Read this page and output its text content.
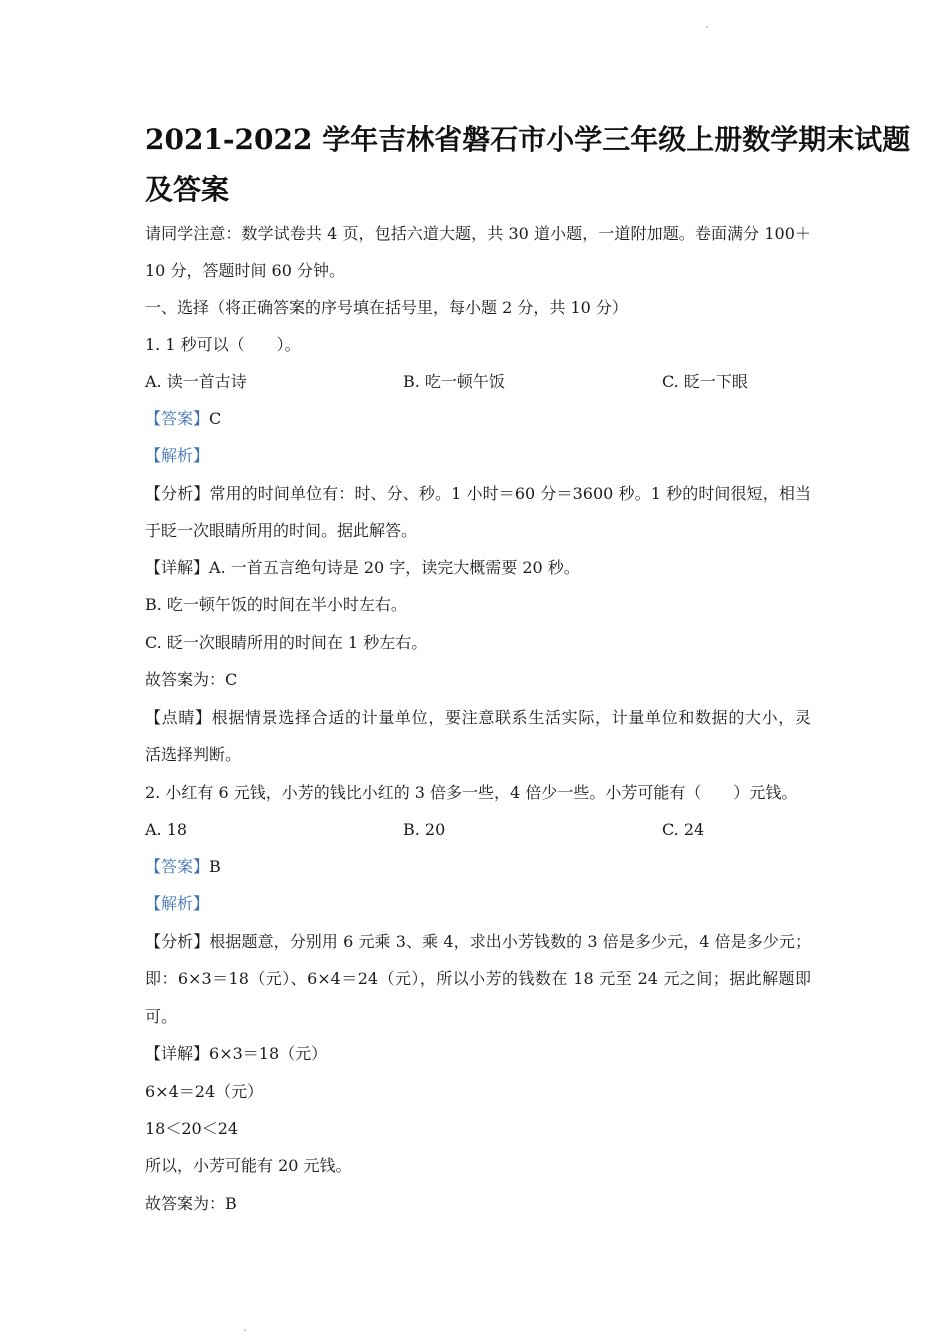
2021-2022 学年吉林省磐石市小学三年级上册数学期末试题
及答案
请同学注意：数学试卷共 4 页，包括六道大题，共 30 道小题，一道附加题。卷面满分 100＋
10 分，答题时间 60 分钟。
一、选择（将正确答案的序号填在括号里，每小题 2 分，共 10 分）
1. 1 秒可以（　　）。
A. 读一首古诗	B. 吃一顿午饭	C. 眨一下眼
【答案】C
【解析】
【分析】常用的时间单位有：时、分、秒。1 小时＝60 分＝3600 秒。1 秒的时间很短，相当
于眨一次眼睛所用的时间。据此解答。
【详解】A. 一首五言绝句诗是 20 字，读完大概需要 20 秒。
B. 吃一顿午饭的时间在半小时左右。
C. 眨一次眼睛所用的时间在 1 秒左右。
故答案为：C
【点睛】根据情景选择合适的计量单位，要注意联系生活实际，计量单位和数据的大小，灵
活选择判断。
2. 小红有 6 元钱，小芳的钱比小红的 3 倍多一些，4 倍少一些。小芳可能有（　　）元钱。
A. 18	B. 20	C. 24
【答案】B
【解析】
【分析】根据题意，分别用 6 元乘 3、乘 4，求出小芳钱数的 3 倍是多少元，4 倍是多少元；
即：6×3＝18（元）、6×4＝24（元），所以小芳的钱数在 18 元至 24 元之间；据此解题即
可。
【详解】6×3＝18（元）
6×4＝24（元）
18＜20＜24
所以，小芳可能有 20 元钱。
故答案为：B
